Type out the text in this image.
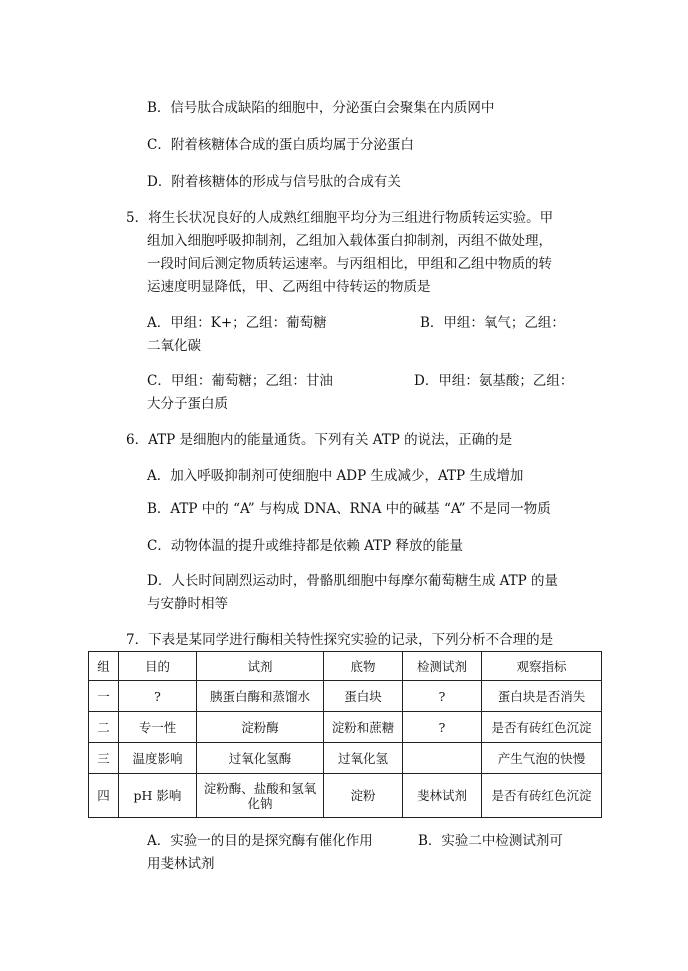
B．信号肽合成缺陷的细胞中，分泌蛋白会聚集在内质网中
C．附着核糖体合成的蛋白质均属于分泌蛋白
D．附着核糖体的形成与信号肽的合成有关
5．将生长状况良好的人成熟红细胞平均分为三组进行物质转运实验。甲
组加入细胞呼吸抑制剂，乙组加入载体蛋白抑制剂，丙组不做处理，
一段时间后测定物质转运速率。与丙组相比，甲组和乙组中物质的转
运速度明显降低，甲、乙两组中待转运的物质是
A．甲组：K+；乙组：葡萄糖	B．甲组：氧气；乙组：
二氧化碳
C．甲组：葡萄糖；乙组：甘油	D．甲组：氨基酸；乙组：
大分子蛋白质
6．ATP 是细胞内的能量通货。下列有关 ATP 的说法，正确的是
A．加入呼吸抑制剂可使细胞中 ADP 生成减少，ATP 生成增加
B．ATP 中的 “A” 与构成 DNA、RNA 中的碱基 “A” 不是同一物质
C．动物体温的提升或维持都是依赖 ATP 释放的能量
D．人长时间剧烈运动时，骨骼肌细胞中每摩尔葡萄糖生成 ATP 的量
与安静时相等
7．下表是某同学进行酶相关特性探究实验的记录，下列分析不合理的是
组	目的	试剂	底物	检测试剂	观察指标
一	?	胰蛋白酶和蒸馏水	蛋白块	?	蛋白块是否消失
二	专一性	淀粉酶	淀粉和蔗糖	?	是否有砖红色沉淀
三	温度影响	过氧化氢酶	过氧化氢		产生气泡的快慢
四	pH 影响	淀粉酶、盐酸和氢氧化钠	淀粉	斐林试剂	是否有砖红色沉淀
A．实验一的目的是探究酶有催化作用	B．实验二中检测试剂可
用斐林试剂
